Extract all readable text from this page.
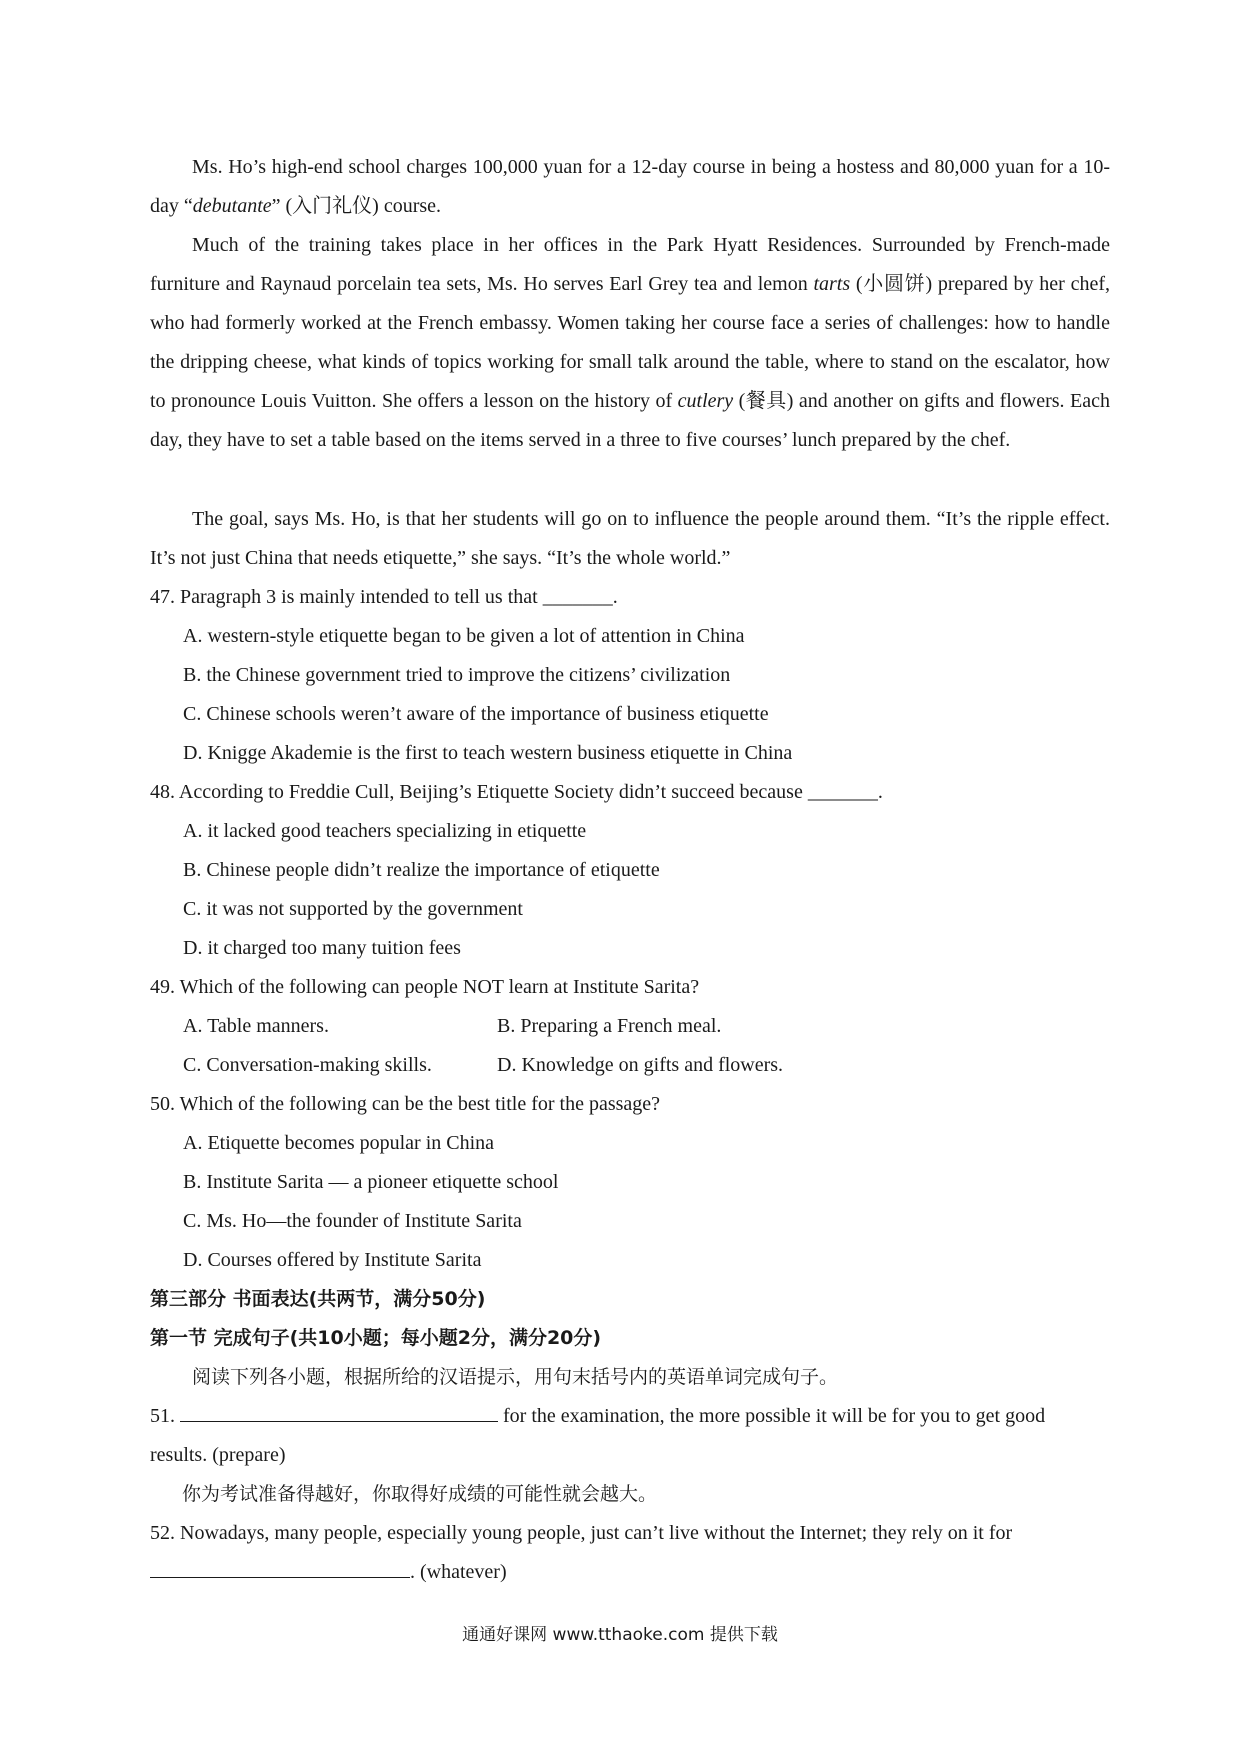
Ms. Ho’s high-end school charges 100,000 yuan for a 12-day course in being a hostess and 80,000 yuan for a 10-day “debutante” (入门礼仪) course.
Much of the training takes place in her offices in the Park Hyatt Residences. Surrounded by French-made furniture and Raynaud porcelain tea sets, Ms. Ho serves Earl Grey tea and lemon tarts (小圆饼) prepared by her chef, who had formerly worked at the French embassy. Women taking her course face a series of challenges: how to handle the dripping cheese, what kinds of topics working for small talk around the table, where to stand on the escalator, how to pronounce Louis Vuitton. She offers a lesson on the history of cutlery (餐具) and another on gifts and flowers. Each day, they have to set a table based on the items served in a three to five courses’ lunch prepared by the chef.
The goal, says Ms. Ho, is that her students will go on to influence the people around them. “It’s the ripple effect. It’s not just China that needs etiquette,” she says. “It’s the whole world.”
47. Paragraph 3 is mainly intended to tell us that _______.
A. western-style etiquette began to be given a lot of attention in China
B. the Chinese government tried to improve the citizens’ civilization
C. Chinese schools weren’t aware of the importance of business etiquette
D. Knigge Akademie is the first to teach western business etiquette in China
48. According to Freddie Cull, Beijing’s Etiquette Society didn’t succeed because _______.
A. it lacked good teachers specializing in etiquette
B. Chinese people didn’t realize the importance of etiquette
C. it was not supported by the government
D. it charged too many tuition fees
49. Which of the following can people NOT learn at Institute Sarita?
A. Table manners.	B. Preparing a French meal.
C. Conversation-making skills.	D. Knowledge on gifts and flowers.
50. Which of the following can be the best title for the passage?
A. Etiquette becomes popular in China
B. Institute Sarita — a pioneer etiquette school
C. Ms. Ho—the founder of Institute Sarita
D. Courses offered by Institute Sarita
第三部分 书面表达(共两节，满分50分)
第一节 完成句子(共10小题；每小题2分，满分20分)
阅读下列各小题，根据所给的汉语提示，用句末括号内的英语单词完成句子。
51.	for the examination, the more possible it will be for you to get good
results. (prepare)
你为考试准备得越好，你取得好成绩的可能性就会越大。
52. Nowadays, many people, especially young people, just can’t live without the Internet; they rely on it for
. (whatever)
通通好课网 www.tthaoke.com 提供下载
